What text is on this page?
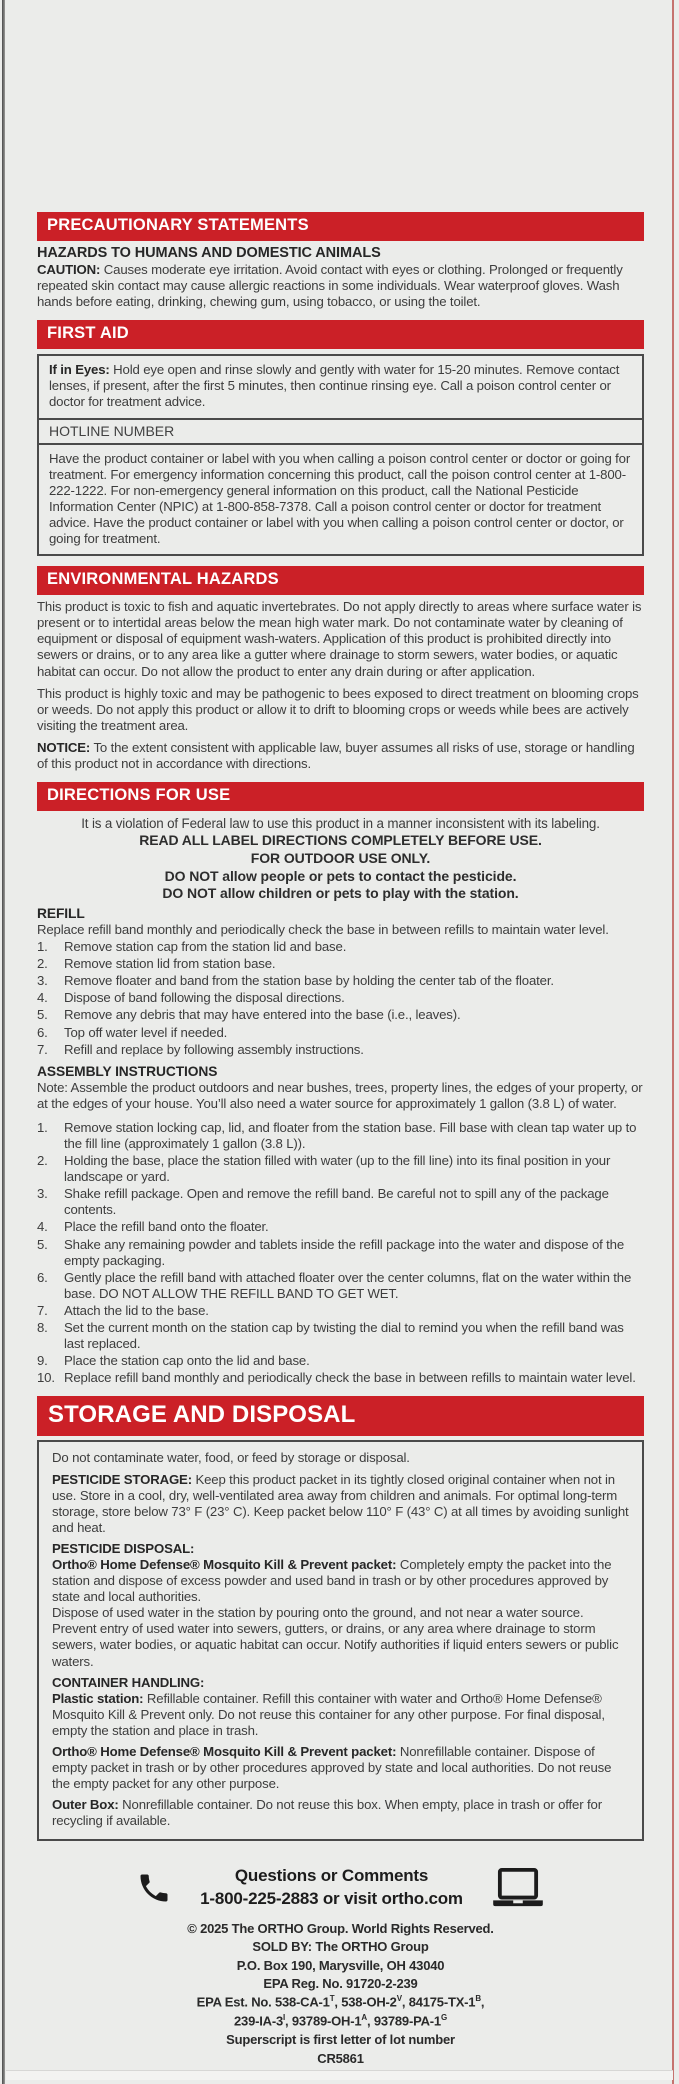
PRECAUTIONARY STATEMENTS
HAZARDS TO HUMANS AND DOMESTIC ANIMALS

CAUTION: Causes moderate eye irritation. Avoid contact with eyes or clothing. Prolonged or frequently repeated skin contact may cause allergic reactions in some individuals. Wear waterproof gloves. Wash hands before eating, drinking, chewing gum, using tobacco, or using the toilet.

FIRST AID
If in Eyes: Hold eye open and rinse slowly and gently with water for 15-20 minutes. Remove contact lenses, if present, after the first 5 minutes, then continue rinsing eye. Call a poison control center or doctor for treatment advice.
HOTLINE NUMBER
Have the product container or label with you when calling a poison control center or doctor or going for treatment. For emergency information concerning this product, call the poison control center at 1-800-222-1222. For non-emergency general information on this product, call the National Pesticide Information Center (NPIC) at 1-800-858-7378. Call a poison control center or doctor for treatment advice. Have the product container or label with you when calling a poison control center or doctor, or going for treatment.
ENVIRONMENTAL HAZARDS

This product is toxic to fish and aquatic invertebrates. Do not apply directly to areas where surface water is present or to intertidal areas below the mean high water mark. Do not contaminate water by cleaning of equipment or disposal of equipment wash-waters. Application of this product is prohibited directly into sewers or drains, or to any area like a gutter where drainage to storm sewers, water bodies, or aquatic habitat can occur. Do not allow the product to enter any drain during or after application.

This product is highly toxic and may be pathogenic to bees exposed to direct treatment on blooming crops or weeds. Do not apply this product or allow it to drift to blooming crops or weeds while bees are actively visiting the treatment area.

NOTICE: To the extent consistent with applicable law, buyer assumes all risks of use, storage or handling of this product not in accordance with directions.

DIRECTIONS FOR USE
It is a violation of Federal law to use this product in a manner inconsistent with its labeling.
READ ALL LABEL DIRECTIONS COMPLETELY BEFORE USE.
FOR OUTDOOR USE ONLY.
DO NOT allow people or pets to contact the pesticide.
DO NOT allow children or pets to play with the station.
REFILL

Replace refill band monthly and periodically check the base in between refills to maintain water level.

1.	Remove station cap from the station lid and base.
2.	Remove station lid from station base.
3.	Remove floater and band from the station base by holding the center tab of the floater.
4.	Dispose of band following the disposal directions.
5.	Remove any debris that may have entered into the base (i.e., leaves).
6.	Top off water level if needed.
7.	Refill and replace by following assembly instructions.
ASSEMBLY INSTRUCTIONS

Note: Assemble the product outdoors and near bushes, trees, property lines, the edges of your property, or at the edges of your house. You’ll also need a water source for approximately 1 gallon (3.8 L) of water.

1.	Remove station locking cap, lid, and floater from the station base. Fill base with clean tap water up to the fill line (approximately 1 gallon (3.8 L)).
2.	Holding the base, place the station filled with water (up to the fill line) into its final position in your landscape or yard.
3.	Shake refill package. Open and remove the refill band. Be careful not to spill any of the package contents.
4.	Place the refill band onto the floater.
5.	Shake any remaining powder and tablets inside the refill package into the water and dispose of the empty packaging.
6.	Gently place the refill band with attached floater over the center columns, flat on the water within the base. DO NOT ALLOW THE REFILL BAND TO GET WET.
7.	Attach the lid to the base.
8.	Set the current month on the station cap by twisting the dial to remind you when the refill band was last replaced.
9.	Place the station cap onto the lid and base.
10. Replace refill band monthly and periodically check the base in between refills to maintain water level.
STORAGE AND DISPOSAL

Do not contaminate water, food, or feed by storage or disposal.

PESTICIDE STORAGE: Keep this product packet in its tightly closed original container when not in use. Store in a cool, dry, well-ventilated area away from children and animals. For optimal long-term storage, store below 73° F (23° C). Keep packet below 110° F (43° C) at all times by avoiding sunlight and heat.

PESTICIDE DISPOSAL:

Ortho® Home Defense® Mosquito Kill & Prevent packet: Completely empty the packet into the station and dispose of excess powder and used band in trash or by other procedures approved by state and local authorities.

Dispose of used water in the station by pouring onto the ground, and not near a water source. Prevent entry of used water into sewers, gutters, or drains, or any area where drainage to storm sewers, water bodies, or aquatic habitat can occur. Notify authorities if liquid enters sewers or public waters.

CONTAINER HANDLING:

Plastic station: Refillable container. Refill this container with water and Ortho® Home Defense® Mosquito Kill & Prevent only. Do not reuse this container for any other purpose. For final disposal, empty the station and place in trash.

Ortho® Home Defense® Mosquito Kill & Prevent packet: Nonrefillable container. Dispose of empty packet in trash or by other procedures approved by state and local authorities. Do not reuse the empty packet for any other purpose.

Outer Box: Nonrefillable container. Do not reuse this box. When empty, place in trash or offer for recycling if available.

Questions or Comments
1-800-225-2883 or visit ortho.com
© 2025 The ORTHO Group. World Rights Reserved.
SOLD BY: The ORTHO Group
P.O. Box 190, Marysville, OH 43040
EPA Reg. No. 91720-2-239
EPA Est. No. $538-CA-1^T$, $538-OH-2^V$, $84175-TX-1^B$,
$239-IA-3^I$, $93789-OH-1^A$, $93789-PA-1^G$
Superscript is first letter of lot number
CR5861
